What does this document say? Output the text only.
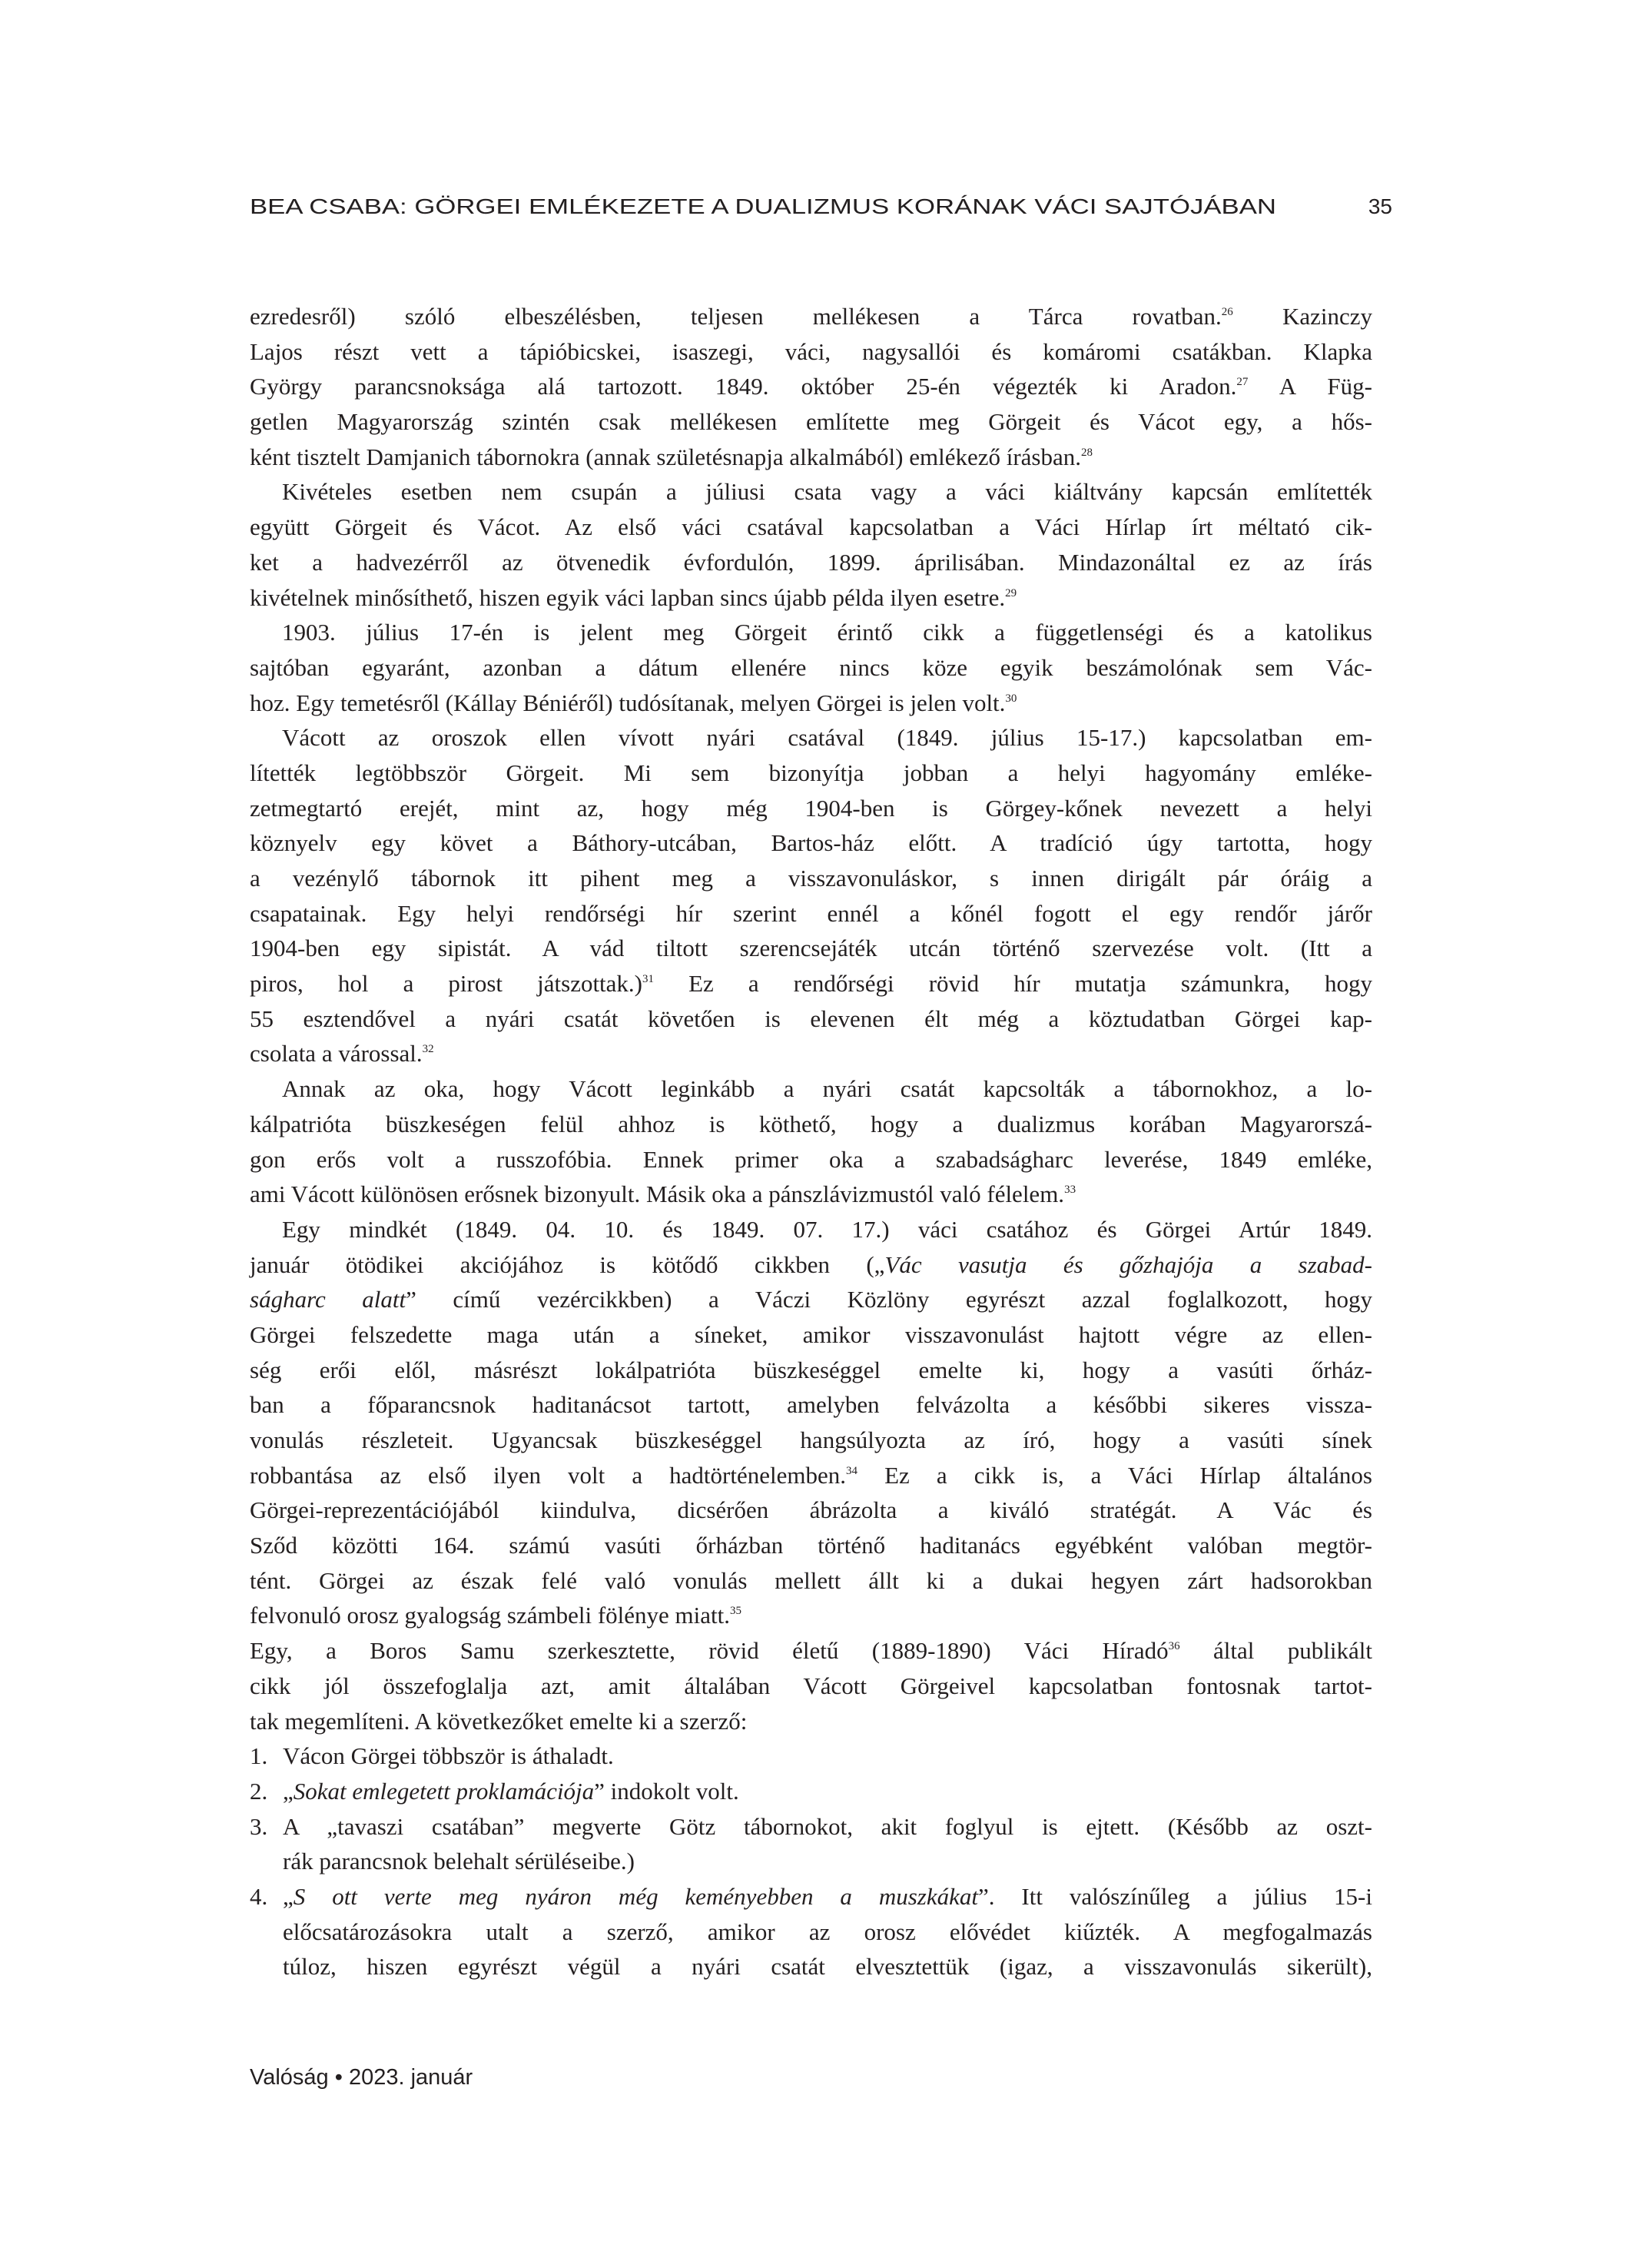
BEA CSABA: GÖRGEI EMLÉKEZETE A DUALIZMUS KORÁNAK VÁCI SAJTÓJÁBAN	35
ezredesről) szóló elbeszélésben, teljesen mellékesen a Tárca rovatban.$^{26}$ Kazinczy
Lajos részt vett a tápióbicskei, isaszegi, váci, nagysallói és komáromi csatákban. Klapka
György parancsnoksága alá tartozott. 1849. október 25-én végezték ki Aradon.$^{27}$ A Füg-
getlen Magyarország szintén csak mellékesen említette meg Görgeit és Vácot egy, a hős-
ként tisztelt Damjanich tábornokra (annak születésnapja alkalmából) emlékező írásban.$^{28}$
Kivételes esetben nem csupán a júliusi csata vagy a váci kiáltvány kapcsán említették
együtt Görgeit és Vácot. Az első váci csatával kapcsolatban a Váci Hírlap írt méltató cik-
ket a hadvezérről az ötvenedik évfordulón, 1899. áprilisában. Mindazonáltal ez az írás
kivételnek minősíthető, hiszen egyik váci lapban sincs újabb példa ilyen esetre.$^{29}$
1903. július 17-én is jelent meg Görgeit érintő cikk a függetlenségi és a katolikus
sajtóban egyaránt, azonban a dátum ellenére nincs köze egyik beszámolónak sem Vác-
hoz. Egy temetésről (Kállay Béniéről) tudósítanak, melyen Görgei is jelen volt.$^{30}$
Vácott az oroszok ellen vívott nyári csatával (1849. július 15-17.) kapcsolatban em-
lítették legtöbbször Görgeit. Mi sem bizonyítja jobban a helyi hagyomány emléke-
zetmegtartó erejét, mint az, hogy még 1904-ben is Görgey-kőnek nevezett a helyi
köznyelv egy követ a Báthory-utcában, Bartos-ház előtt. A tradíció úgy tartotta, hogy
a vezénylő tábornok itt pihent meg a visszavonuláskor, s innen dirigált pár óráig a
csapatainak. Egy helyi rendőrségi hír szerint ennél a kőnél fogott el egy rendőr járőr
1904-ben egy sipistát. A vád tiltott szerencsejáték utcán történő szervezése volt. (Itt a
piros, hol a pirost játszottak.)$^{31}$ Ez a rendőrségi rövid hír mutatja számunkra, hogy
55 esztendővel a nyári csatát követően is elevenen élt még a köztudatban Görgei kap-
csolata a várossal.$^{32}$
Annak az oka, hogy Vácott leginkább a nyári csatát kapcsolták a tábornokhoz, a lo-
kálpatrióta büszkeségen felül ahhoz is köthető, hogy a dualizmus korában Magyarorszá-
gon erős volt a russzofóbia. Ennek primer oka a szabadságharc leverése, 1849 emléke,
ami Vácott különösen erősnek bizonyult. Másik oka a pánszlávizmustól való félelem.$^{33}$
Egy mindkét (1849. 04. 10. és 1849. 07. 17.) váci csatához és Görgei Artúr 1849.
január ötödikei akciójához is kötődő cikkben („Vác vasutja és gőzhajója a szabad-
ságharc alatt” című vezércikkben) a Váczi Közlöny egyrészt azzal foglalkozott, hogy
Görgei felszedette maga után a síneket, amikor visszavonulást hajtott végre az ellen-
ség erői elől, másrészt lokálpatrióta büszkeséggel emelte ki, hogy a vasúti őrház-
ban a főparancsnok haditanácsot tartott, amelyben felvázolta a későbbi sikeres vissza-
vonulás részleteit. Ugyancsak büszkeséggel hangsúlyozta az író, hogy a vasúti sínek
robbantása az első ilyen volt a hadtörténelemben.$^{34}$ Ez a cikk is, a Váci Hírlap általános
Görgei-reprezentációjából kiindulva, dicsérően ábrázolta a kiváló stratégát. A Vác és
Sződ közötti 164. számú vasúti őrházban történő haditanács egyébként valóban megtör-
tént. Görgei az észak felé való vonulás mellett állt ki a dukai hegyen zárt hadsorokban
felvonuló orosz gyalogság számbeli fölénye miatt.$^{35}$
Egy, a Boros Samu szerkesztette, rövid életű (1889-1890) Váci Híradó$^{36}$ által publikált
cikk jól összefoglalja azt, amit általában Vácott Görgeivel kapcsolatban fontosnak tartot-
tak megemlíteni. A következőket emelte ki a szerző:
1. Vácon Görgei többször is áthaladt.
2. „Sokat emlegetett proklamációja” indokolt volt.
3. A „tavaszi csatában” megverte Götz tábornokot, akit foglyul is ejtett. (Később az oszt-
rák parancsnok belehalt sérüléseibe.)
4. „S ott verte meg nyáron még keményebben a muszkákat”. Itt valószínűleg a július 15-i
előcsatározásokra utalt a szerző, amikor az orosz elővédet kiűzték. A megfogalmazás
túloz, hiszen egyrészt végül a nyári csatát elvesztettük (igaz, a visszavonulás sikerült),
Valóság • 2023. január
